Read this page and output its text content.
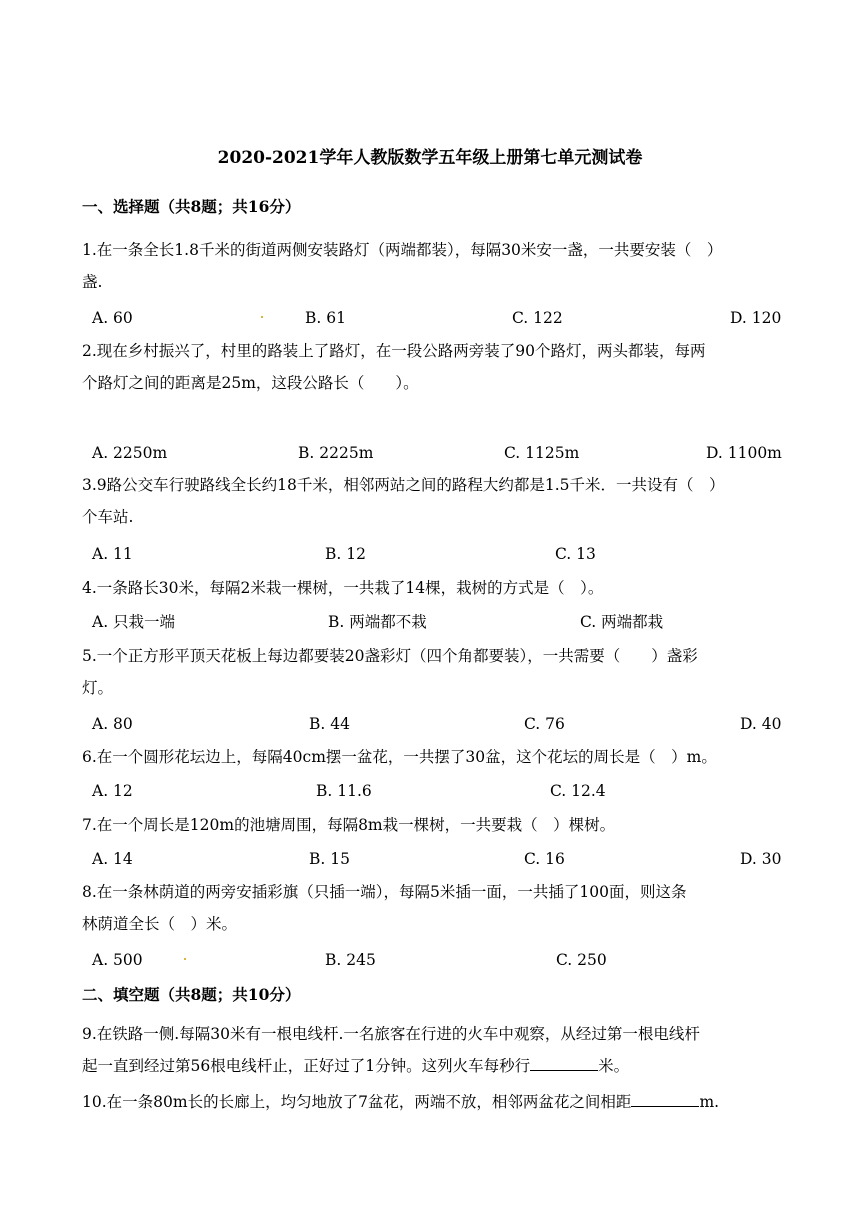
2020-2021学年人教版数学五年级上册第七单元测试卷
一、选择题（共8题；共16分）
1.在一条全长1.8千米的街道两侧安装路灯（两端都装），每隔30米安一盏，一共要安装（　）
盏.
A. 60	B. 61	C. 122	D. 120
2.现在乡村振兴了，村里的路装上了路灯，在一段公路两旁装了90个路灯，两头都装，每两
个路灯之间的距离是25m，这段公路长（　　）。
A. 2250m	B. 2225m	C. 1125m	D. 1100m
3.9路公交车行驶路线全长约18千米，相邻两站之间的路程大约都是1.5千米．一共设有（　）
个车站.
A. 11	B. 12	C. 13
4.一条路长30米，每隔2米栽一棵树，一共栽了14棵，栽树的方式是（　）。
A. 只栽一端	B. 两端都不栽	C. 两端都栽
5.一个正方形平顶天花板上每边都要装20盏彩灯（四个角都要装），一共需要（　　）盏彩
灯。
A. 80	B. 44	C. 76	D. 40
6.在一个圆形花坛边上，每隔40cm摆一盆花，一共摆了30盆，这个花坛的周长是（　）m。
A. 12	B. 11.6	C. 12.4
7.在一个周长是120m的池塘周围，每隔8m栽一棵树，一共要栽（　）棵树。
A. 14	B. 15	C. 16	D. 30
8.在一条林荫道的两旁安插彩旗（只插一端），每隔5米插一面，一共插了100面，则这条
林荫道全长（　）米。
A. 500	B. 245	C. 250
二、填空题（共8题；共10分）
9.在铁路一侧.每隔30米有一根电线杆.一名旅客在行进的火车中观察，从经过第一根电线杆
起一直到经过第56根电线杆止，正好过了1分钟。这列火车每秒行	米。
10.在一条80m长的长廊上，均匀地放了7盆花，两端不放，相邻两盆花之间相距	m.
